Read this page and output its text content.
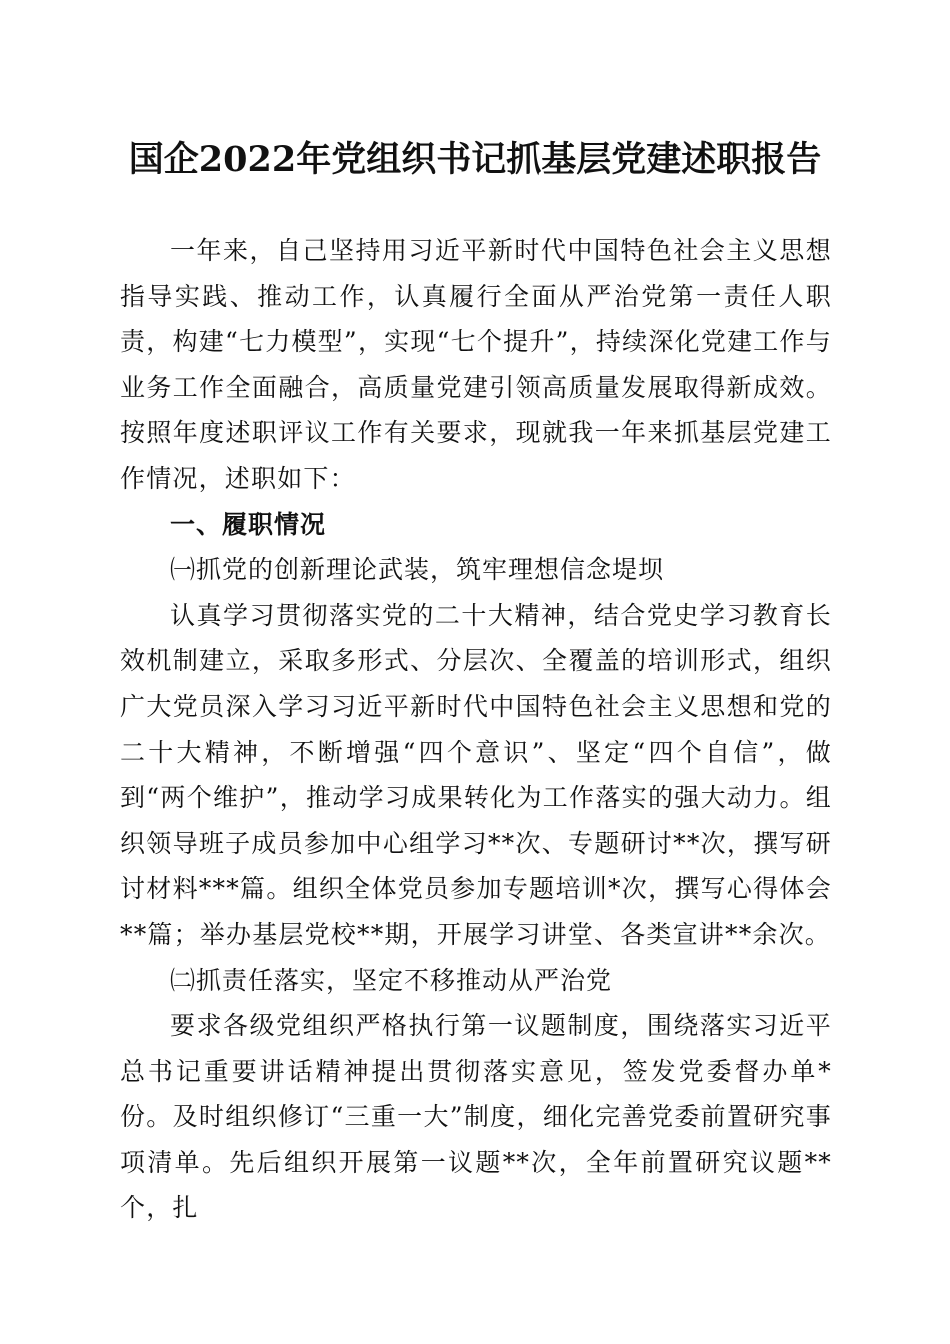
国企2022年党组织书记抓基层党建述职报告

一年来，自己坚持用习近平新时代中国特色社会主义思想指导实践、推动工作，认真履行全面从严治党第一责任人职责，构建“七力模型”，实现“七个提升”，持续深化党建工作与业务工作全面融合，高质量党建引领高质量发展取得新成效。按照年度述职评议工作有关要求，现就我一年来抓基层党建工作情况，述职如下：

一、履职情况

㈠抓党的创新理论武装，筑牢理想信念堤坝

认真学习贯彻落实党的二十大精神，结合党史学习教育长效机制建立，采取多形式、分层次、全覆盖的培训形式，组织广大党员深入学习习近平新时代中国特色社会主义思想和党的二十大精神，不断增强“四个意识”、坚定“四个自信”，做到“两个维护”，推动学习成果转化为工作落实的强大动力。组织领导班子成员参加中心组学习**次、专题研讨**次，撰写研讨材料***篇。组织全体党员参加专题培训*次，撰写心得体会**篇；举办基层党校**期，开展学习讲堂、各类宣讲**余次。

㈡抓责任落实，坚定不移推动从严治党

要求各级党组织严格执行第一议题制度，围绕落实习近平总书记重要讲话精神提出贯彻落实意见，签发党委督办单*份。及时组织修订“三重一大”制度，细化完善党委前置研究事项清单。先后组织开展第一议题**次，全年前置研究议题**个，扎
